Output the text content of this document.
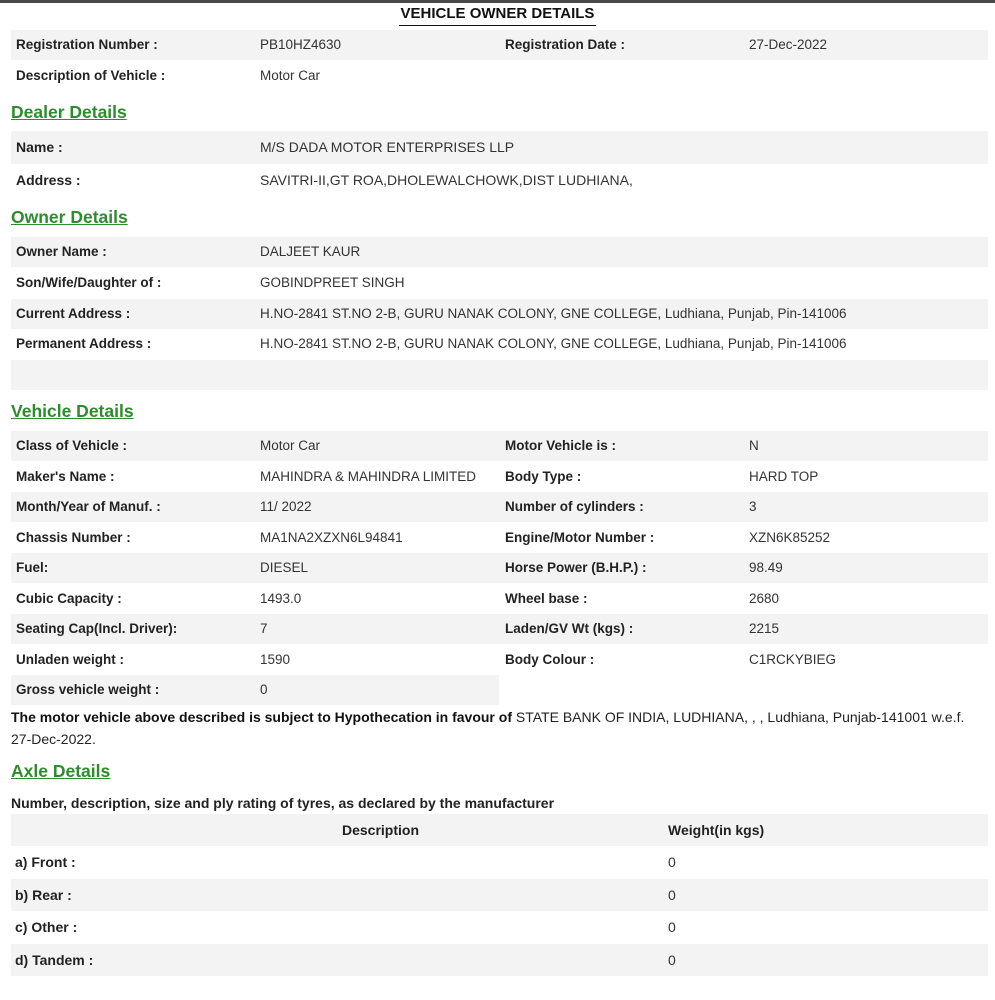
VEHICLE OWNER DETAILS
Registration Number :	PB10HZ4630	Registration Date :	27-Dec-2022
Description of Vehicle :	Motor Car
Dealer Details
Name :	M/S DADA MOTOR ENTERPRISES LLP
Address :	SAVITRI-II,GT ROA,DHOLEWALCHOWK,DIST LUDHIANA,
Owner Details
Owner Name :	DALJEET KAUR
Son/Wife/Daughter of :	GOBINDPREET SINGH
Current Address :	H.NO-2841 ST.NO 2-B, GURU NANAK COLONY, GNE COLLEGE, Ludhiana, Punjab, Pin-141006
Permanent Address :	H.NO-2841 ST.NO 2-B, GURU NANAK COLONY, GNE COLLEGE, Ludhiana, Punjab, Pin-141006
Vehicle Details
Class of Vehicle :	Motor Car	Motor Vehicle is :	N
Maker's Name :	MAHINDRA & MAHINDRA LIMITED Body Type :	HARD TOP
Month/Year of Manuf. :	11/ 2022	Number of cylinders :	3
Chassis Number :	MA1NA2XZXN6L94841	Engine/Motor Number :	XZN6K85252
Fuel:	DIESEL	Horse Power (B.H.P.) :	98.49
Cubic Capacity :	1493.0	Wheel base :	2680
Seating Cap(Incl. Driver):	7	Laden/GV Wt (kgs) :	2215
Unladen weight :	1590	Body Colour :	C1RCKYBIEG
Gross vehicle weight :	0
The motor vehicle above described is subject to Hypothecation in favour of STATE BANK OF INDIA, LUDHIANA, , , Ludhiana, Punjab-141001 w.e.f. 27-Dec-2022.
Axle Details
Number, description, size and ply rating of tyres, as declared by the manufacturer
Description	Weight(in kgs)
a) Front :	0
b) Rear :	0
c) Other :	0
d) Tandem :	0
